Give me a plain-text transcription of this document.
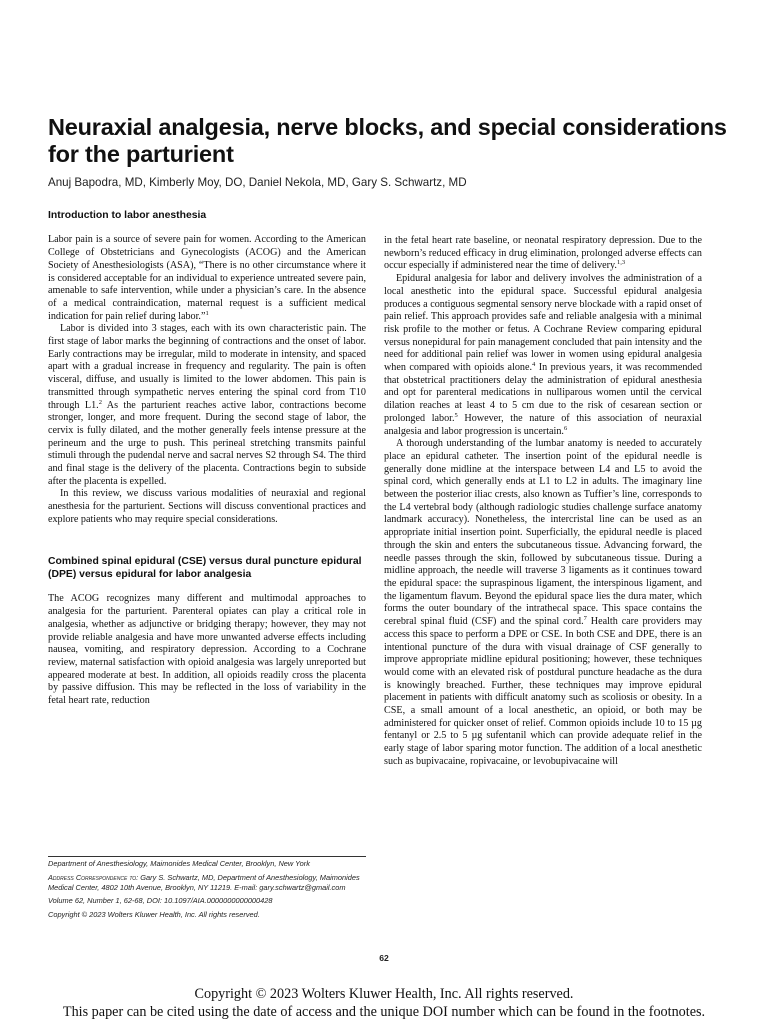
Neuraxial analgesia, nerve blocks, and special considerations for the parturient
Anuj Bapodra, MD, Kimberly Moy, DO, Daniel Nekola, MD, Gary S. Schwartz, MD
Introduction to labor anesthesia

Labor pain is a source of severe pain for women. According to the American College of Obstetricians and Gynecologists (ACOG) and the American Society of Anesthesiologists (ASA), “There is no other circumstance where it is considered acceptable for an individual to experience untreated severe pain, amenable to safe intervention, while under a physician’s care. In the absence of a medical contraindication, maternal request is a sufficient medical indication for pain relief during labor.”$^1$

Labor is divided into 3 stages, each with its own characteristic pain. The first stage of labor marks the beginning of contractions and the onset of labor. Early contractions may be irregular, mild to moderate in intensity, and spaced apart with a gradual increase in frequency and regularity. The pain is often visceral, diffuse, and usually is limited to the lower abdomen. This pain is transmitted through sympathetic nerves entering the spinal cord from T10 through L1.$^2$ As the parturient reaches active labor, contractions become stronger, longer, and more frequent. During the second stage of labor, the cervix is fully dilated, and the mother generally feels intense pressure at the perineum and the urge to push. This perineal stretching transmits painful stimuli through the pudendal nerve and sacral nerves S2 through S4. The third and final stage is the delivery of the placenta. Contractions begin to subside after the placenta is expelled.

In this review, we discuss various modalities of neuraxial and regional anesthesia for the parturient. Sections will discuss conventional practices and explore patients who may require special considerations.

Combined spinal epidural (CSE) versus dural puncture epidural (DPE) versus epidural for labor analgesia

The ACOG recognizes many different and multimodal approaches to analgesia for the parturient. Parenteral opiates can play a critical role in analgesia, whether as adjunctive or bridging therapy; however, they may not provide reliable analgesia and have more unwanted adverse effects including nausea, vomiting, and respiratory depression. According to a Cochrane review, maternal satisfaction with opioid analgesia was largely unreported but appeared moderate at best. In addition, all opioids readily cross the placenta by passive diffusion. This may be reflected in the loss of variability in the fetal heart rate, reduction

in the fetal heart rate baseline, or neonatal respiratory depression. Due to the newborn’s reduced efficacy in drug elimination, prolonged adverse effects can occur especially if administered near the time of delivery.$^{1,3}$

Epidural analgesia for labor and delivery involves the administration of a local anesthetic into the epidural space. Successful epidural analgesia produces a contiguous segmental sensory nerve blockade with a rapid onset of pain relief. This approach provides safe and reliable analgesia with a minimal risk profile to the mother or fetus. A Cochrane Review comparing epidural versus nonepidural for pain management concluded that pain intensity and the need for additional pain relief was lower in women using epidural analgesia when compared with opioids alone.$^4$ In previous years, it was recommended that obstetrical practitioners delay the administration of epidural anesthesia and opt for parenteral medications in nulliparous women until the cervical dilation reaches at least 4 to 5 cm due to the risk of cesarean section or prolonged labor.$^5$ However, the nature of this association of neuraxial analgesia and labor progression is uncertain.$^6$

A thorough understanding of the lumbar anatomy is needed to accurately place an epidural catheter. The insertion point of the epidural needle is generally done midline at the interspace between L4 and L5 to avoid the spinal cord, which generally ends at L1 to L2 in adults. The imaginary line between the posterior iliac crests, also known as Tuffier’s line, corresponds to the L4 vertebral body (although radiologic studies challenge surface anatomy landmark accuracy). Nonetheless, the intercristal line can be used as an appropriate initial insertion point. Superficially, the epidural needle is placed through the skin and enters the subcutaneous tissue. Advancing forward, the needle passes through the skin, followed by subcutaneous tissue. During a midline approach, the needle will traverse 3 ligaments as it continues toward the epidural space: the supraspinous ligament, the interspinous ligament, and the ligamentum flavum. Beyond the epidural space lies the dura mater, which forms the outer boundary of the intrathecal space. This space contains the cerebral spinal fluid (CSF) and the spinal cord.$^7$ Health care providers may access this space to perform a DPE or CSE. In both CSE and DPE, there is an intentional puncture of the dura with visual drainage of CSF generally to improve appropriate midline epidural positioning; however, these techniques would come with an elevated risk of postdural puncture headache as the dura is knowingly breached. Further, these techniques may improve epidural placement in patients with difficult anatomy such as scoliosis or obesity. In a CSE, a small amount of a local anesthetic, an opioid, or both may be administered for quicker onset of relief. Common opioids include 10 to 15 µg fentanyl or 2.5 to 5 µg sufentanil which can provide adequate relief in the early stage of labor sparing motor function. The addition of a local anesthetic such as bupivacaine, ropivacaine, or levobupivacaine will

Department of Anesthesiology, Maimonides Medical Center, Brooklyn, New York

Address Correspondence to: Gary S. Schwartz, MD, Department of Anesthesiology, Maimonides Medical Center, 4802 10th Avenue, Brooklyn, NY 11219. E-mail: gary.schwartz@gmail.com

Volume 62, Number 1, 62-68, DOI: 10.1097/AIA.0000000000000428

Copyright © 2023 Wolters Kluwer Health, Inc. All rights reserved.

62
Copyright © 2023 Wolters Kluwer Health, Inc. All rights reserved.
This paper can be cited using the date of access and the unique DOI number which can be found in the footnotes.
